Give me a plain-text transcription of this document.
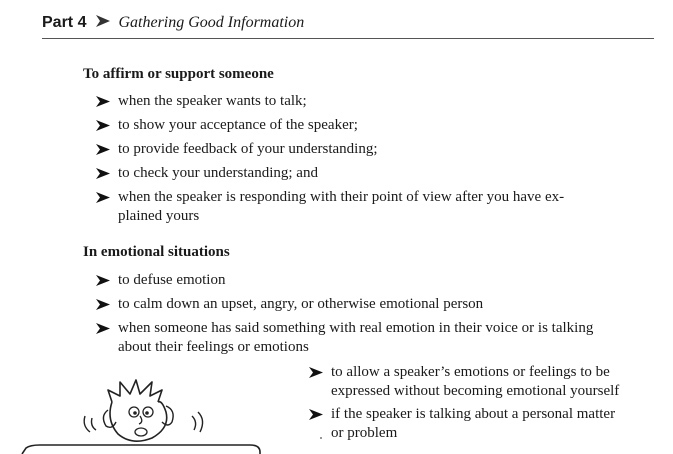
Part 4 Gathering Good Information
To affirm or support someone
when the speaker wants to talk;
to show your acceptance of the speaker;
to provide feedback of your understanding;
to check your understanding; and
when the speaker is responding with their point of view after you have ex-
plained yours
In emotional situations
to defuse emotion
to calm down an upset, angry, or otherwise emotional person
when someone has said something with real emotion in their voice or is talking
about their feelings or emotions
to allow a speaker’s emotions or feelings to be
expressed without becoming emotional yourself
if the speaker is talking about a personal matter
or problem
